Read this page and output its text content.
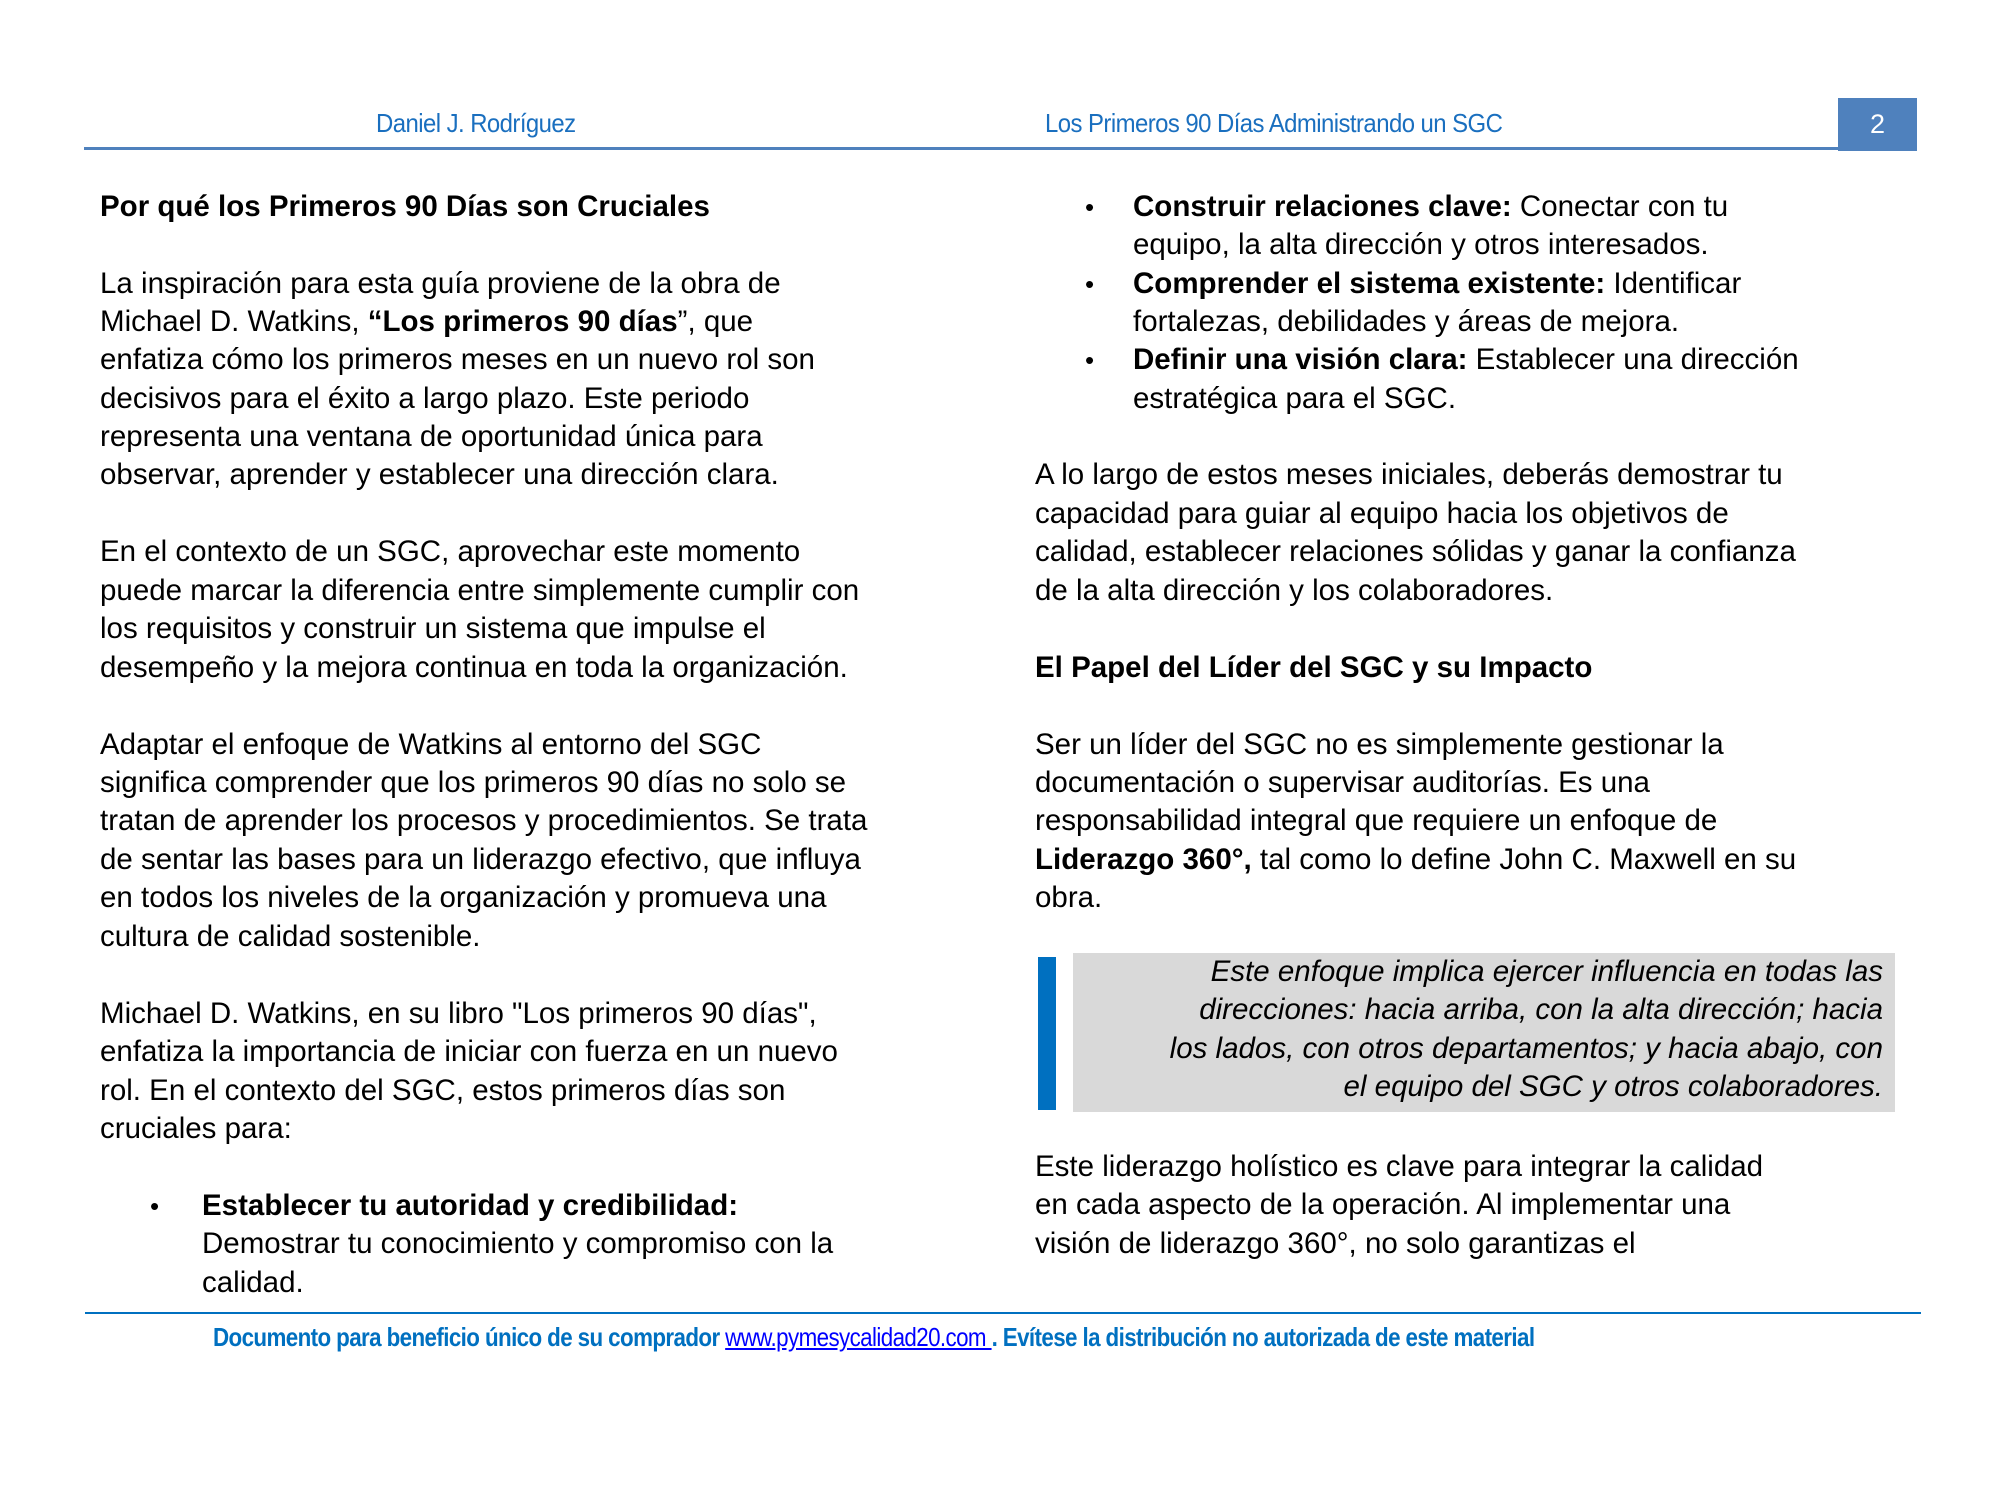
Daniel J. Rodríguez	Los Primeros 90 Días Administrando un SGC	2
Por qué los Primeros 90 Días son Cruciales
La inspiración para esta guía proviene de la obra de
Michael D. Watkins, “Los primeros 90 días”, que
enfatiza cómo los primeros meses en un nuevo rol son
decisivos para el éxito a largo plazo. Este periodo
representa una ventana de oportunidad única para
observar, aprender y establecer una dirección clara.
En el contexto de un SGC, aprovechar este momento
puede marcar la diferencia entre simplemente cumplir con
los requisitos y construir un sistema que impulse el
desempeño y la mejora continua en toda la organización.
Adaptar el enfoque de Watkins al entorno del SGC
significa comprender que los primeros 90 días no solo se
tratan de aprender los procesos y procedimientos. Se trata
de sentar las bases para un liderazgo efectivo, que influya
en todos los niveles de la organización y promueva una
cultura de calidad sostenible.
Michael D. Watkins, en su libro "Los primeros 90 días",
enfatiza la importancia de iniciar con fuerza en un nuevo
rol. En el contexto del SGC, estos primeros días son
cruciales para:
• Establecer tu autoridad y credibilidad:
Demostrar tu conocimiento y compromiso con la
calidad.
• Construir relaciones clave: Conectar con tu
equipo, la alta dirección y otros interesados.
• Comprender el sistema existente: Identificar
fortalezas, debilidades y áreas de mejora.
• Definir una visión clara: Establecer una dirección
estratégica para el SGC.
A lo largo de estos meses iniciales, deberás demostrar tu
capacidad para guiar al equipo hacia los objetivos de
calidad, establecer relaciones sólidas y ganar la confianza
de la alta dirección y los colaboradores.
El Papel del Líder del SGC y su Impacto
Ser un líder del SGC no es simplemente gestionar la
documentación o supervisar auditorías. Es una
responsabilidad integral que requiere un enfoque de
Liderazgo 360°, tal como lo define John C. Maxwell en su
obra.
Este liderazgo holístico es clave para integrar la calidad
en cada aspecto de la operación. Al implementar una
visión de liderazgo 360°, no solo garantizas el
Este enfoque implica ejercer influencia en todas las
direcciones: hacia arriba, con la alta dirección; hacia
los lados, con otros departamentos; y hacia abajo, con
el equipo del SGC y otros colaboradores.
Documento para beneficio único de su comprador www.pymesycalidad20.com . Evítese la distribución no autorizada de este material
